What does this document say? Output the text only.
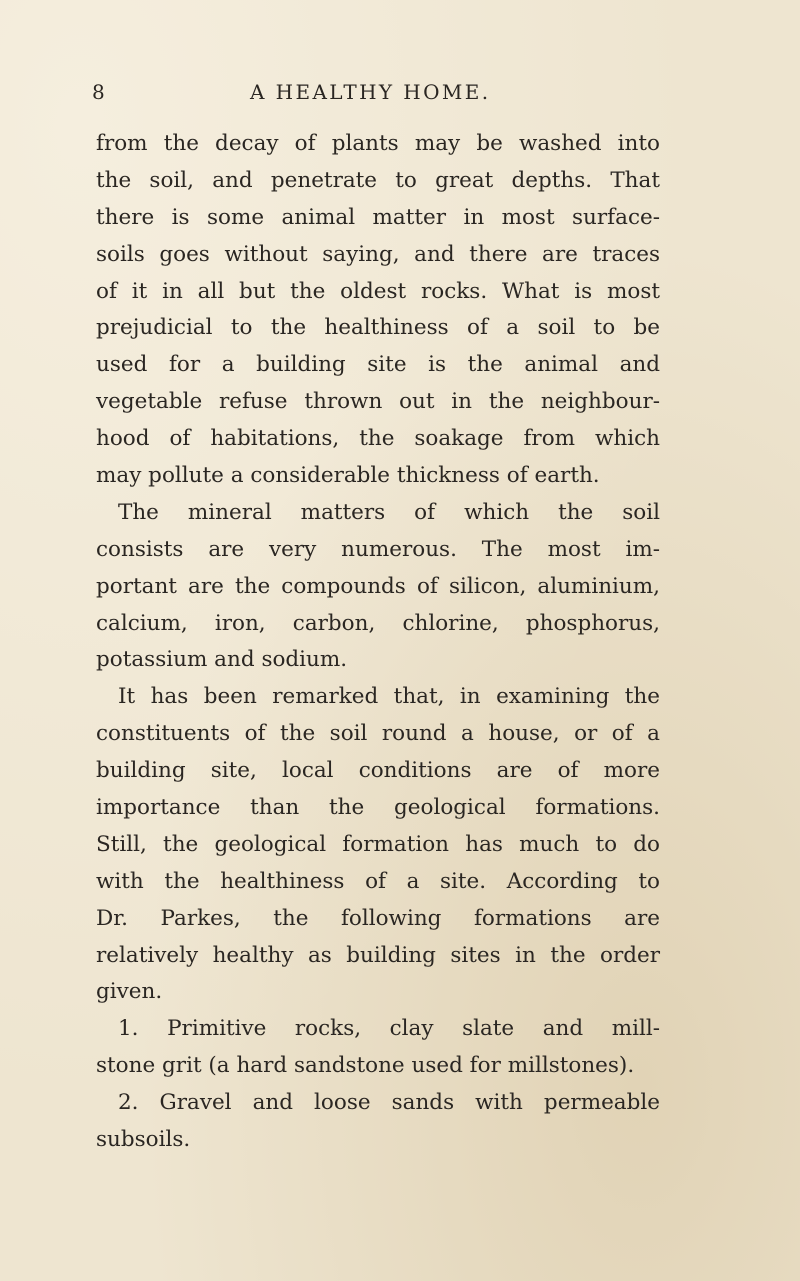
8	A HEALTHY HOME.
from the decay of plants may be washed into
the soil, and penetrate to great depths. That
there is some animal matter in most surface-
soils goes without saying, and there are traces
of it in all but the oldest rocks. What is most
prejudicial to the healthiness of a soil to be
used for a building site is the animal and
vegetable refuse thrown out in the neighbour-
hood of habitations, the soakage from which
may pollute a considerable thickness of earth.
The mineral matters of which the soil
consists are very numerous. The most im-
portant are the compounds of silicon, aluminium,
calcium, iron, carbon, chlorine, phosphorus,
potassium and sodium.
It has been remarked that, in examining the
constituents of the soil round a house, or of a
building site, local conditions are of more
importance than the geological formations.
Still, the geological formation has much to do
with the healthiness of a site. According to
Dr. Parkes, the following formations are
relatively healthy as building sites in the order
given.
1. Primitive rocks, clay slate and mill-
stone grit (a hard sandstone used for millstones).
2. Gravel and loose sands with permeable
subsoils.
